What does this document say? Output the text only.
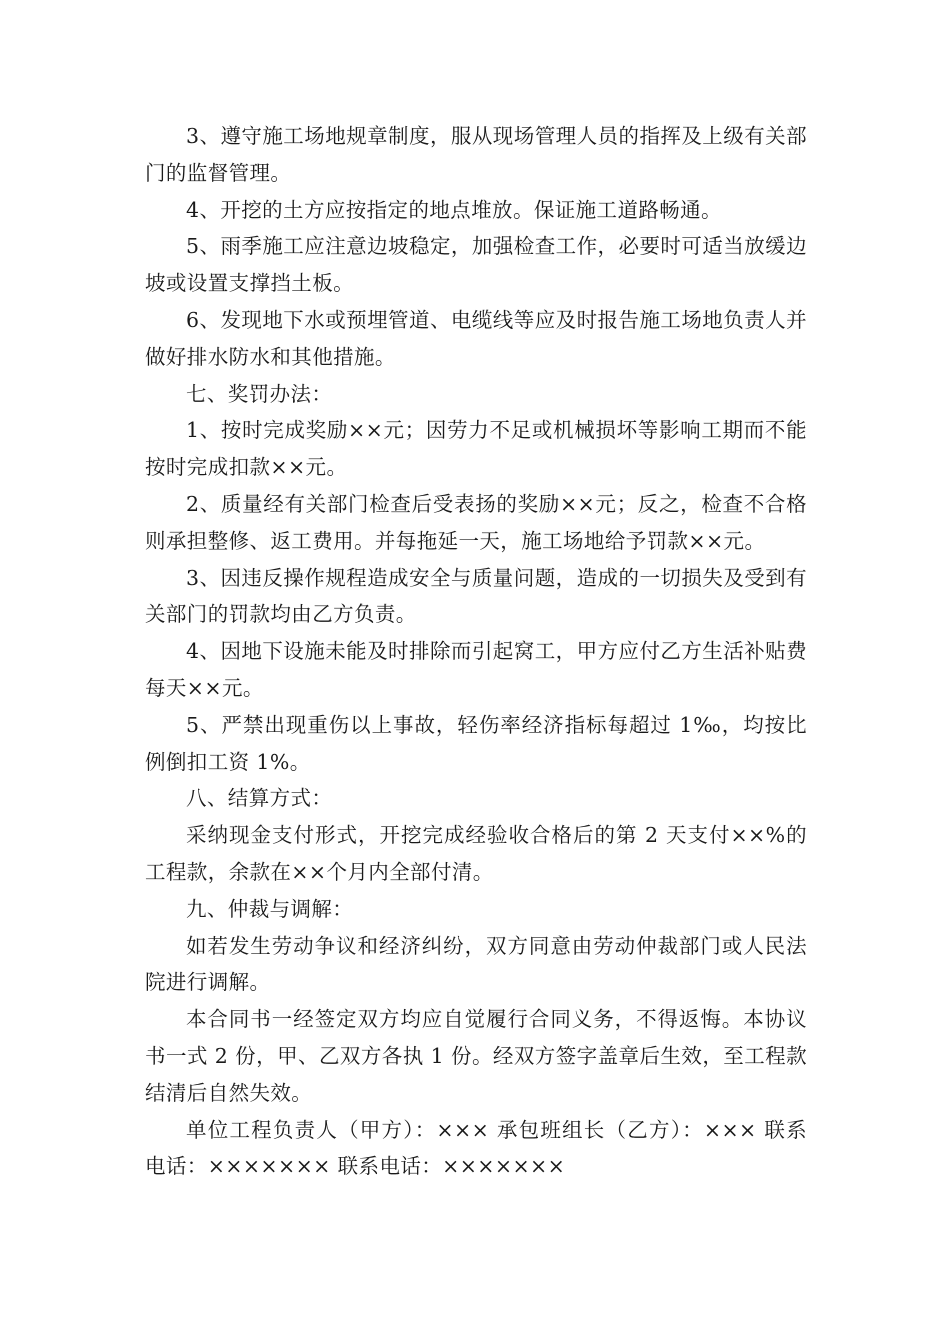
3、遵守施工场地规章制度，服从现场管理人员的指挥及上级有关部门的监督管理。

4、开挖的土方应按指定的地点堆放。保证施工道路畅通。

5、雨季施工应注意边坡稳定，加强检查工作，必要时可适当放缓边坡或设置支撑挡土板。

6、发现地下水或预埋管道、电缆线等应及时报告施工场地负责人并做好排水防水和其他措施。

七、奖罚办法：

1、按时完成奖励××元；因劳力不足或机械损坏等影响工期而不能按时完成扣款××元。

2、质量经有关部门检查后受表扬的奖励××元；反之，检查不合格则承担整修、返工费用。并每拖延一天，施工场地给予罚款××元。

3、因违反操作规程造成安全与质量问题，造成的一切损失及受到有关部门的罚款均由乙方负责。

4、因地下设施未能及时排除而引起窝工，甲方应付乙方生活补贴费每天××元。

5、严禁出现重伤以上事故，轻伤率经济指标每超过 1‰，均按比例倒扣工资 1%。

八、结算方式：

采纳现金支付形式，开挖完成经验收合格后的第 2 天支付××%的工程款，余款在××个月内全部付清。

九、仲裁与调解：

如若发生劳动争议和经济纠纷，双方同意由劳动仲裁部门或人民法院进行调解。

本合同书一经签定双方均应自觉履行合同义务，不得返悔。本协议书一式 2 份，甲、乙双方各执 1 份。经双方签字盖章后生效，至工程款结清后自然失效。

单位工程负责人（甲方）：××× 承包班组长（乙方）：××× 联系电话：××××××× 联系电话：×××××××
